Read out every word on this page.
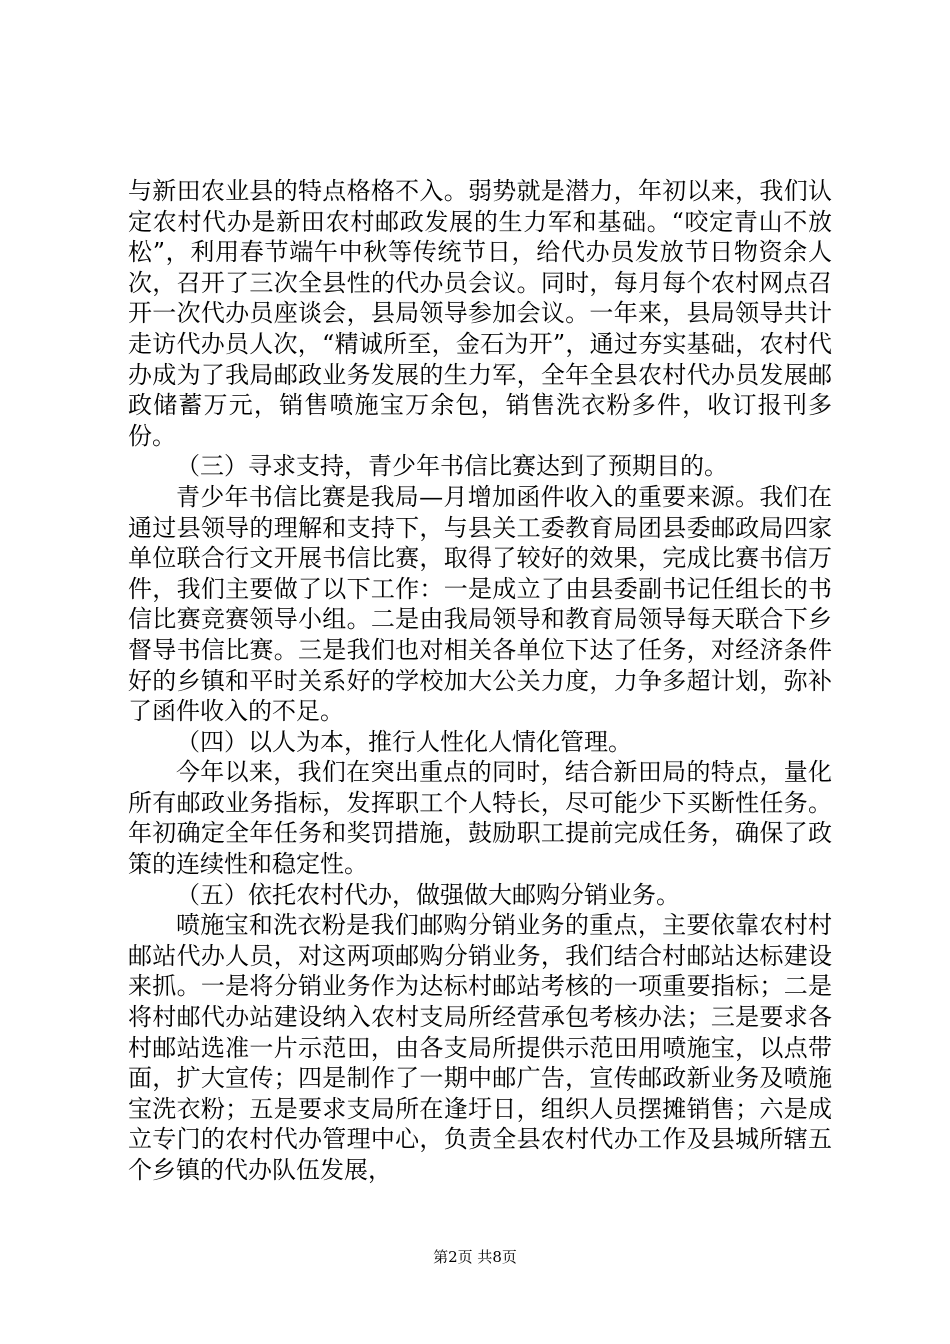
与新田农业县的特点格格不入。弱势就是潜力，年初以来，我们认定农村代办是新田农村邮政发展的生力军和基础。“咬定青山不放松”，利用春节端午中秋等传统节日，给代办员发放节日物资余人次，召开了三次全县性的代办员会议。同时，每月每个农村网点召开一次代办员座谈会，县局领导参加会议。一年来，县局领导共计走访代办员人次，“精诚所至，金石为开”，通过夯实基础，农村代办成为了我局邮政业务发展的生力军，全年全县农村代办员发展邮政储蓄万元，销售喷施宝万余包，销售洗衣粉多件，收订报刊多份。

（三）寻求支持，青少年书信比赛达到了预期目的。

青少年书信比赛是我局—月增加函件收入的重要来源。我们在通过县领导的理解和支持下，与县关工委教育局团县委邮政局四家单位联合行文开展书信比赛，取得了较好的效果，完成比赛书信万件，我们主要做了以下工作：一是成立了由县委副书记任组长的书信比赛竞赛领导小组。二是由我局领导和教育局领导每天联合下乡督导书信比赛。三是我们也对相关各单位下达了任务，对经济条件好的乡镇和平时关系好的学校加大公关力度，力争多超计划，弥补了函件收入的不足。

（四）以人为本，推行人性化人情化管理。

今年以来，我们在突出重点的同时，结合新田局的特点，量化所有邮政业务指标，发挥职工个人特长，尽可能少下买断性任务。年初确定全年任务和奖罚措施，鼓励职工提前完成任务，确保了政策的连续性和稳定性。

（五）依托农村代办，做强做大邮购分销业务。

喷施宝和洗衣粉是我们邮购分销业务的重点，主要依靠农村村邮站代办人员，对这两项邮购分销业务，我们结合村邮站达标建设来抓。一是将分销业务作为达标村邮站考核的一项重要指标；二是将村邮代办站建设纳入农村支局所经营承包考核办法；三是要求各村邮站选准一片示范田，由各支局所提供示范田用喷施宝，以点带面，扩大宣传；四是制作了一期中邮广告，宣传邮政新业务及喷施宝洗衣粉；五是要求支局所在逢圩日，组织人员摆摊销售；六是成立专门的农村代办管理中心，负责全县农村代办工作及县城所辖五个乡镇的代办队伍发展，

第2页 共8页
